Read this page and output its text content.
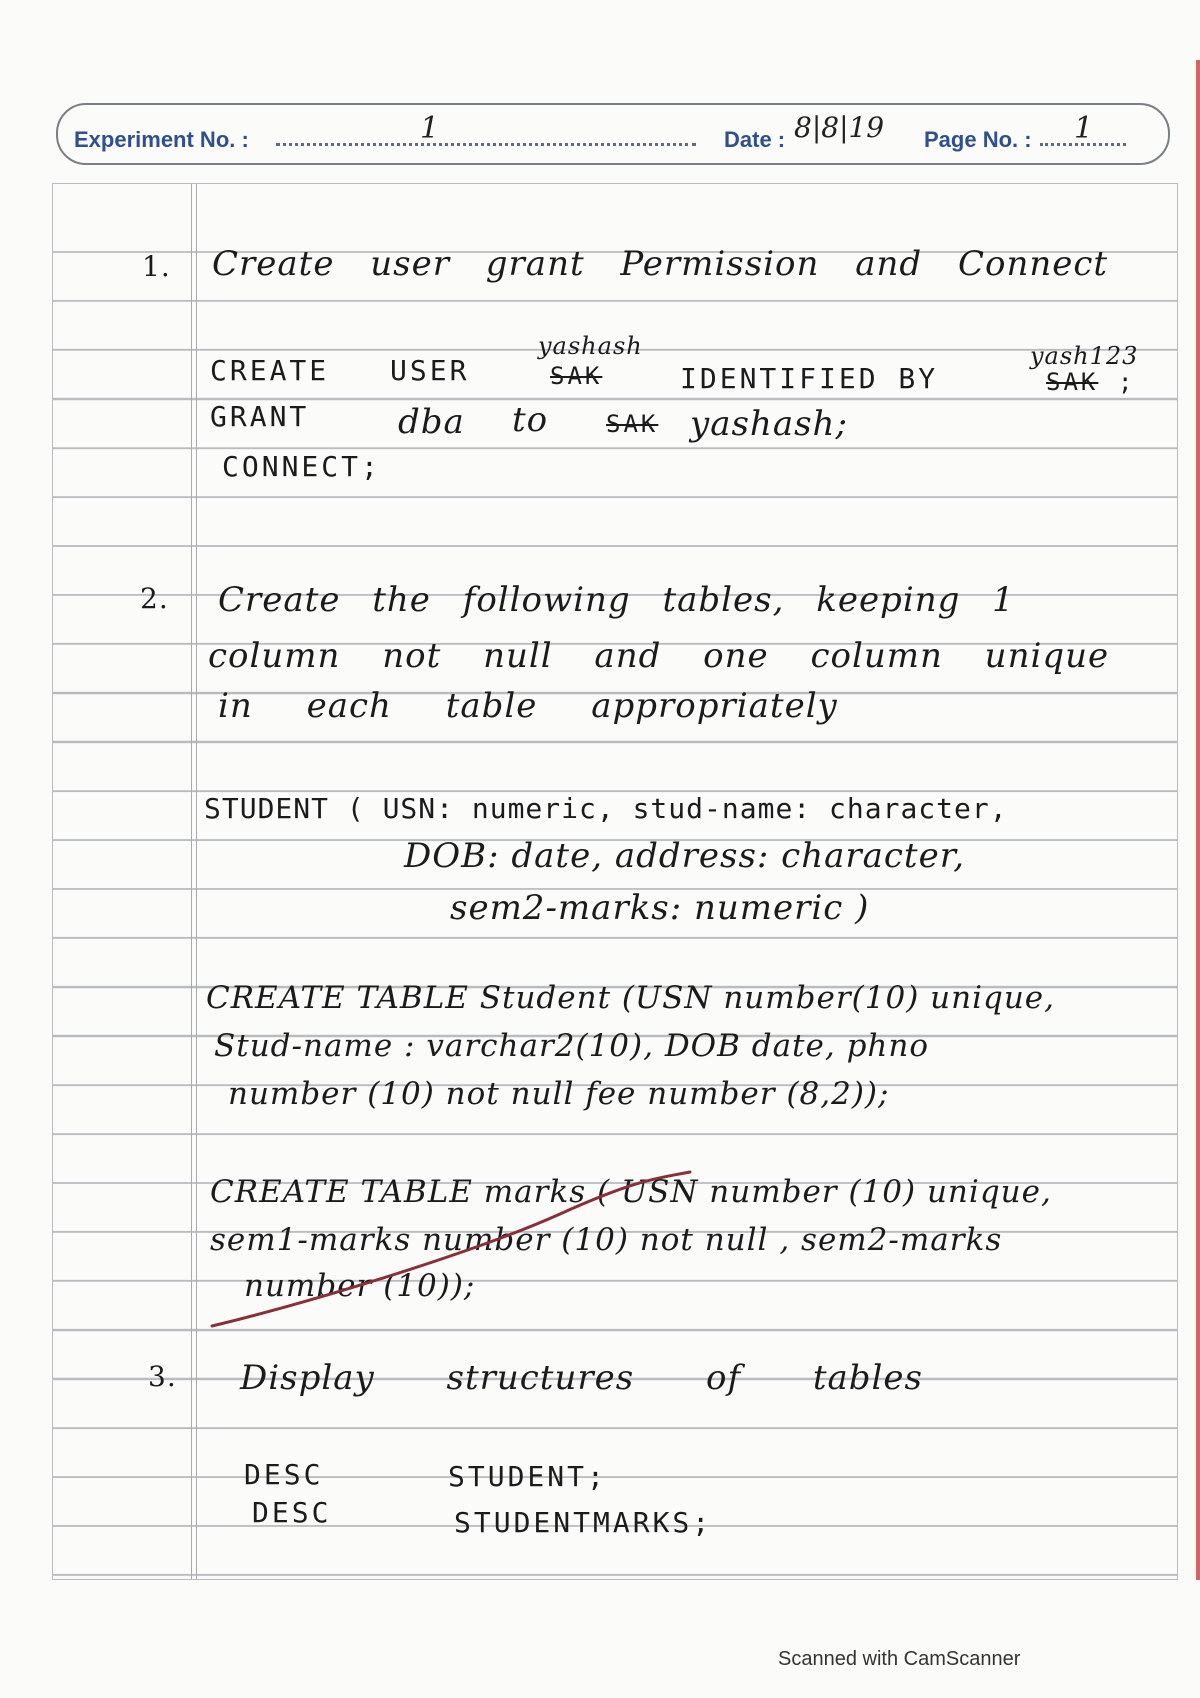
Experiment No. :	1	Date : 8|8|19 Page No. : 1
1. Create user grant Permission and Connect
CREATE USER
yashash
SAK	IDENTIFIED BY
yash123
SAK ;
GRANT	dba to SAK yashash;
CONNECT;
2. Create the following tables, keeping 1
column not null and one column unique
in each table appropriately
STUDENT ( USN: numeric, stud-name: character,
DOB: date, address: character,
sem2-marks: numeric )
CREATE TABLE Student (USN number(10) unique,
Stud-name : varchar2(10), DOB date, phno
number (10) not null fee number (8,2));
CREATE TABLE marks ( USN number (10) unique,
sem1-marks number (10) not null , sem2-marks
number (10));
3. Display structures of tables
DESC	STUDENT;
DESC	STUDENTMARKS;
Scanned with CamScanner
